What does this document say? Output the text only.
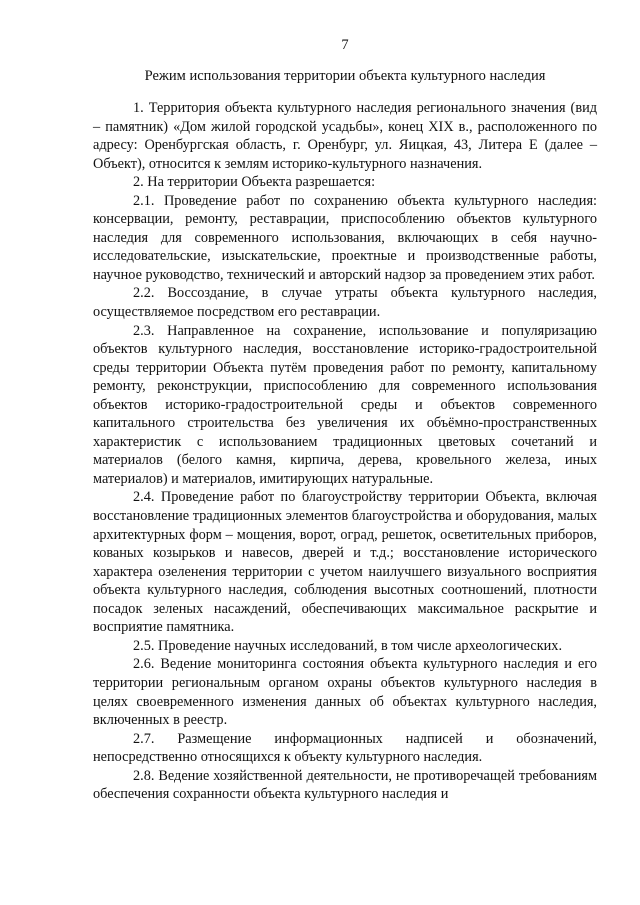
7
Режим использования территории объекта культурного наследия

1. Территория объекта культурного наследия регионального значения (вид – памятник) «Дом жилой городской усадьбы», конец XIX в., расположенного по адресу: Оренбургская область, г. Оренбург, ул. Яицкая, 43, Литера Е (далее – Объект), относится к землям историко-культурного назначения.

2. На территории Объекта разрешается:

2.1. Проведение работ по сохранению объекта культурного наследия: консервации, ремонту, реставрации, приспособлению объектов культурного наследия для современного использования, включающих в себя научно-исследовательские, изыскательские, проектные и производственные работы, научное руководство, технический и авторский надзор за проведением этих работ.

2.2. Воссоздание, в случае утраты объекта культурного наследия, осуществляемое посредством его реставрации.

2.3. Направленное на сохранение, использование и популяризацию объектов культурного наследия, восстановление историко-градостроительной среды территории Объекта путём проведения работ по ремонту, капитальному ремонту, реконструкции, приспособлению для современного использования объектов историко-градостроительной среды и объектов современного капитального строительства без увеличения их объёмно-пространственных характеристик с использованием традиционных цветовых сочетаний и материалов (белого камня, кирпича, дерева, кровельного железа, иных материалов) и материалов, имитирующих натуральные.

2.4. Проведение работ по благоустройству территории Объекта, включая восстановление традиционных элементов благоустройства и оборудования, малых архитектурных форм – мощения, ворот, оград, решеток, осветительных приборов, кованых козырьков и навесов, дверей и т.д.; восстановление исторического характера озеленения территории с учетом наилучшего визуального восприятия объекта культурного наследия, соблюдения высотных соотношений, плотности посадок зеленых насаждений, обеспечивающих максимальное раскрытие и восприятие памятника.

2.5. Проведение научных исследований, в том числе археологических.

2.6. Ведение мониторинга состояния объекта культурного наследия и его территории региональным органом охраны объектов культурного наследия в целях своевременного изменения данных об объектах культурного наследия, включенных в реестр.

2.7. Размещение информационных надписей и обозначений, непосредственно относящихся к объекту культурного наследия.

2.8. Ведение хозяйственной деятельности, не противоречащей требованиям обеспечения сохранности объекта культурного наследия и
